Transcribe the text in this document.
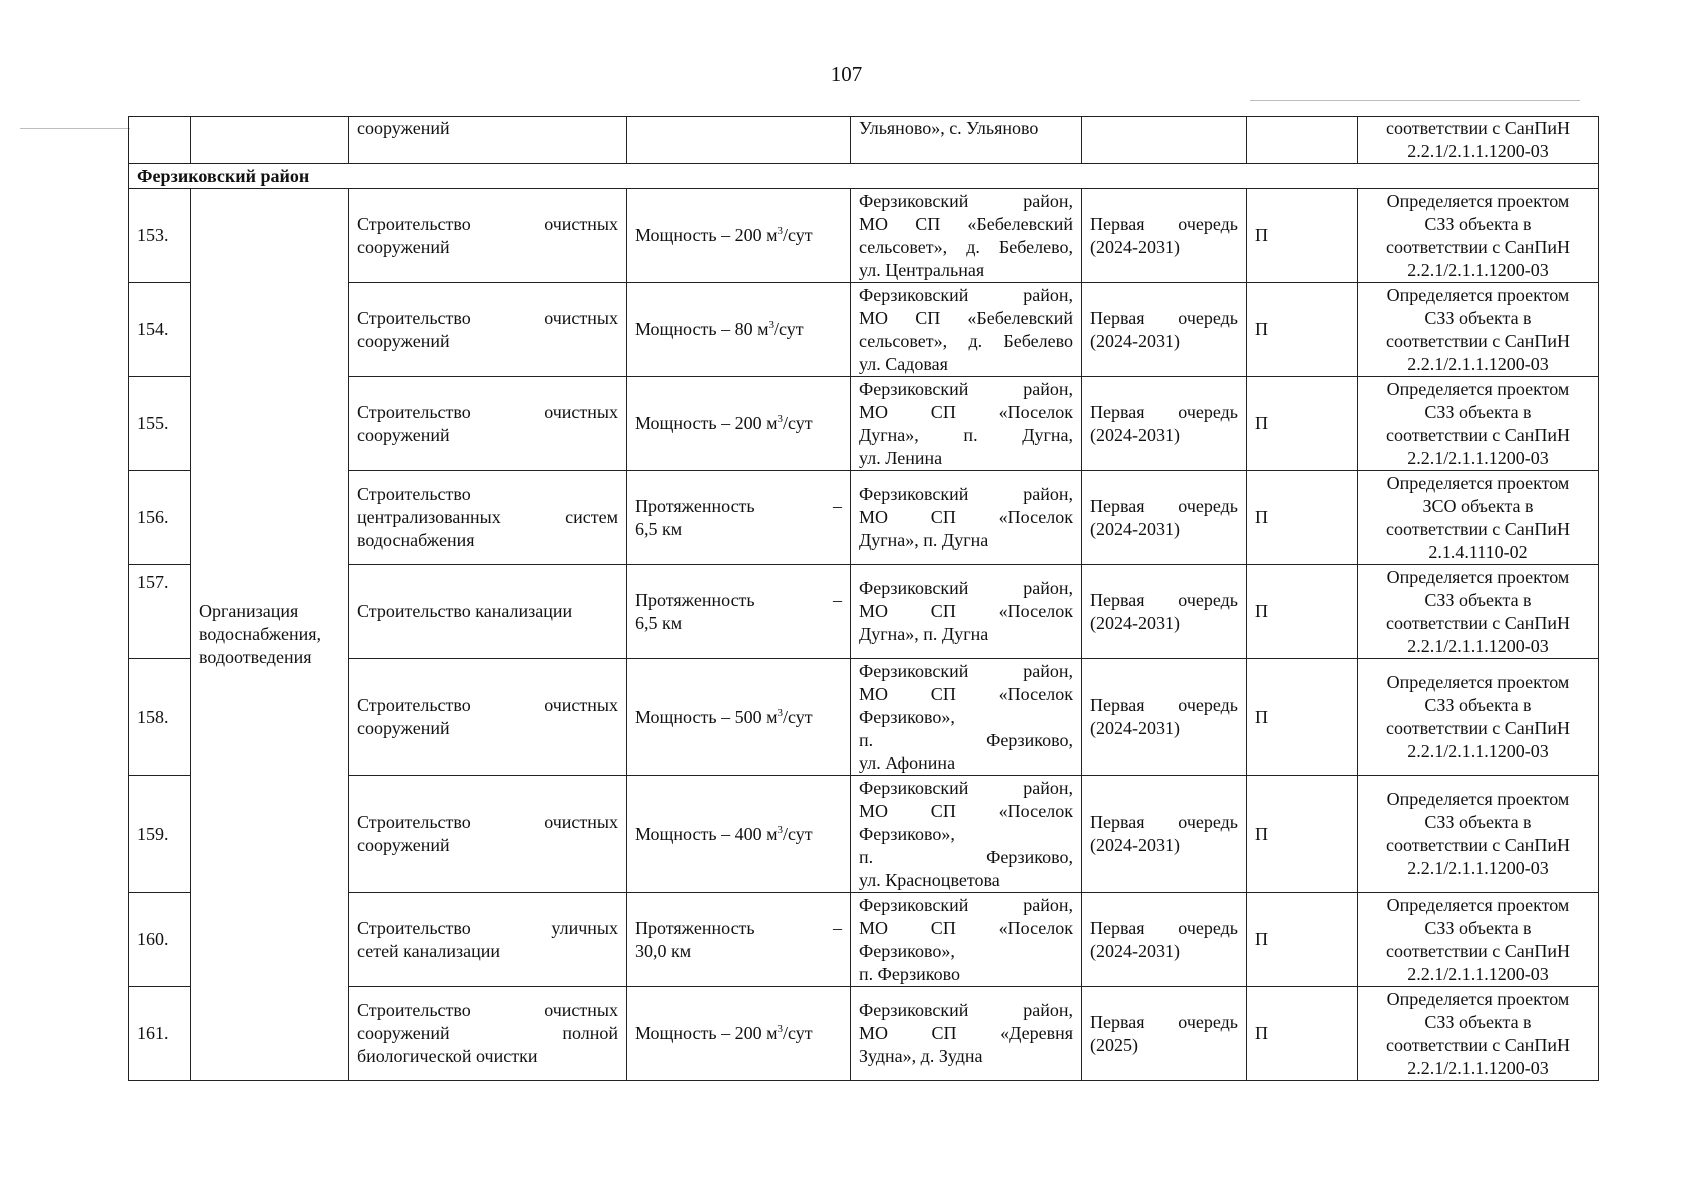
107
		сооружений		Ульяново», с. Ульяново			соответствии с СанПиН
2.2.1/2.1.1.1200-03

Ферзиковский район							
153.	Организация
водоснабжения,
водоотведения	Строительство очистных
сооружений	Мощность – 200 $м^3$/сут	Ферзиковский район,
МО СП «Бебелевский
сельсовет», д. Бебелево,
ул. Центральная	Первая очередь
(2024-2031)	П	Определяется проектом
СЗЗ объекта в
соответствии с СанПиН
2.2.1/2.1.1.1200-03

154.		Строительство очистных
сооружений	Мощность – 80 $м^3$/сут	Ферзиковский район,
МО СП «Бебелевский
сельсовет», д. Бебелево
ул. Садовая	Первая очередь
(2024-2031)	П	Определяется проектом
СЗЗ объекта в
соответствии с СанПиН
2.2.1/2.1.1.1200-03

155.		Строительство очистных
сооружений	Мощность – 200 $м^3$/сут	Ферзиковский район,
МО СП «Поселок
Дугна», п. Дугна,
ул. Ленина	Первая очередь
(2024-2031)	П	Определяется проектом
СЗЗ объекта в
соответствии с СанПиН
2.2.1/2.1.1.1200-03

156.		Строительство
централизованных систем
водоснабжения	Протяженность –
6,5 км	Ферзиковский район,
МО СП «Поселок
Дугна», п. Дугна	Первая очередь
(2024-2031)	П	Определяется проектом
ЗСО объекта в
соответствии с СанПиН
2.1.4.1110-02

157.		Строительство канализации	Протяженность –
6,5 км	Ферзиковский район,
МО СП «Поселок
Дугна», п. Дугна	Первая очередь
(2024-2031)	П	Определяется проектом
СЗЗ объекта в
соответствии с СанПиН
2.2.1/2.1.1.1200-03

158.		Строительство очистных
сооружений	Мощность – 500 $м^3$/сут	Ферзиковский район,
МО СП «Поселок
Ферзиково»,
п. Ферзиково,
ул. Афонина	Первая очередь
(2024-2031)	П	Определяется проектом
СЗЗ объекта в
соответствии с СанПиН
2.2.1/2.1.1.1200-03

159.		Строительство очистных
сооружений	Мощность – 400 $м^3$/сут	Ферзиковский район,
МО СП «Поселок
Ферзиково»,
п. Ферзиково,
ул. Красноцветова	Первая очередь
(2024-2031)	П	Определяется проектом
СЗЗ объекта в
соответствии с СанПиН
2.2.1/2.1.1.1200-03

160.		Строительство уличных
сетей канализации	Протяженность –
30,0 км	Ферзиковский район,
МО СП «Поселок
Ферзиково»,
п. Ферзиково	Первая очередь
(2024-2031)	П	Определяется проектом
СЗЗ объекта в
соответствии с СанПиН
2.2.1/2.1.1.1200-03

161.		Строительство очистных
сооружений полной
биологической очистки	Мощность – 200 $м^3$/сут	Ферзиковский район,
МО СП «Деревня
Зудна», д. Зудна	Первая очередь
(2025)	П	Определяется проектом
СЗЗ объекта в
соответствии с СанПиН
2.2.1/2.1.1.1200-03
